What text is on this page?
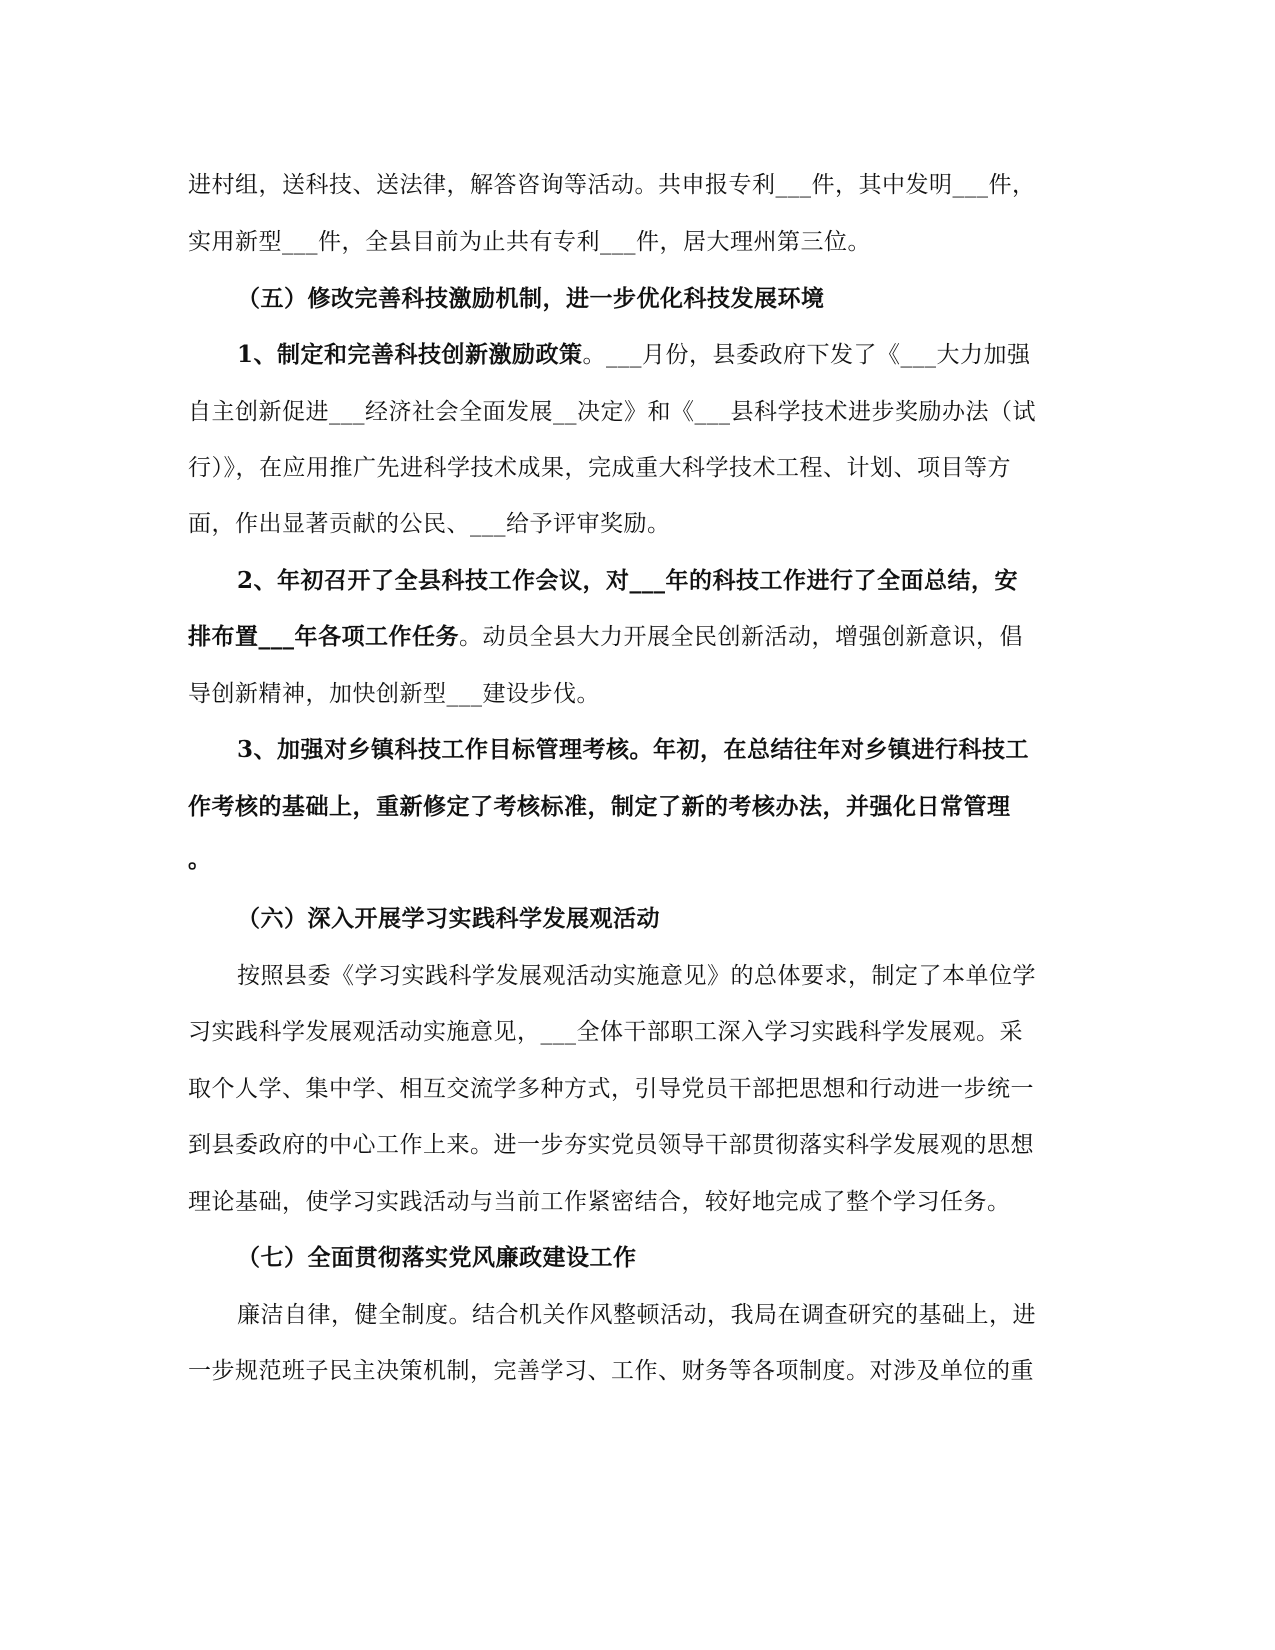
进村组，送科技、送法律，解答咨询等活动。共申报专利___件，其中发明___件，
实用新型___件，全县目前为止共有专利___件，居大理州第三位。
（五）修改完善科技激励机制，进一步优化科技发展环境
1、制定和完善科技创新激励政策。___月份，县委政府下发了《___大力加强
自主创新促进___经济社会全面发展__决定》和《___县科学技术进步奖励办法（试
行）》，在应用推广先进科学技术成果，完成重大科学技术工程、计划、项目等方
面，作出显著贡献的公民、___给予评审奖励。
2、年初召开了全县科技工作会议，对___年的科技工作进行了全面总结，安
排布置___年各项工作任务。动员全县大力开展全民创新活动，增强创新意识，倡
导创新精神，加快创新型___建设步伐。
3、加强对乡镇科技工作目标管理考核。年初，在总结往年对乡镇进行科技工
作考核的基础上，重新修定了考核标准，制定了新的考核办法，并强化日常管理
。
（六）深入开展学习实践科学发展观活动
按照县委《学习实践科学发展观活动实施意见》的总体要求，制定了本单位学
习实践科学发展观活动实施意见，___全体干部职工深入学习实践科学发展观。采
取个人学、集中学、相互交流学多种方式，引导党员干部把思想和行动进一步统一
到县委政府的中心工作上来。进一步夯实党员领导干部贯彻落实科学发展观的思想
理论基础，使学习实践活动与当前工作紧密结合，较好地完成了整个学习任务。
（七）全面贯彻落实党风廉政建设工作
廉洁自律，健全制度。结合机关作风整顿活动，我局在调查研究的基础上，进
一步规范班子民主决策机制，完善学习、工作、财务等各项制度。对涉及单位的重
